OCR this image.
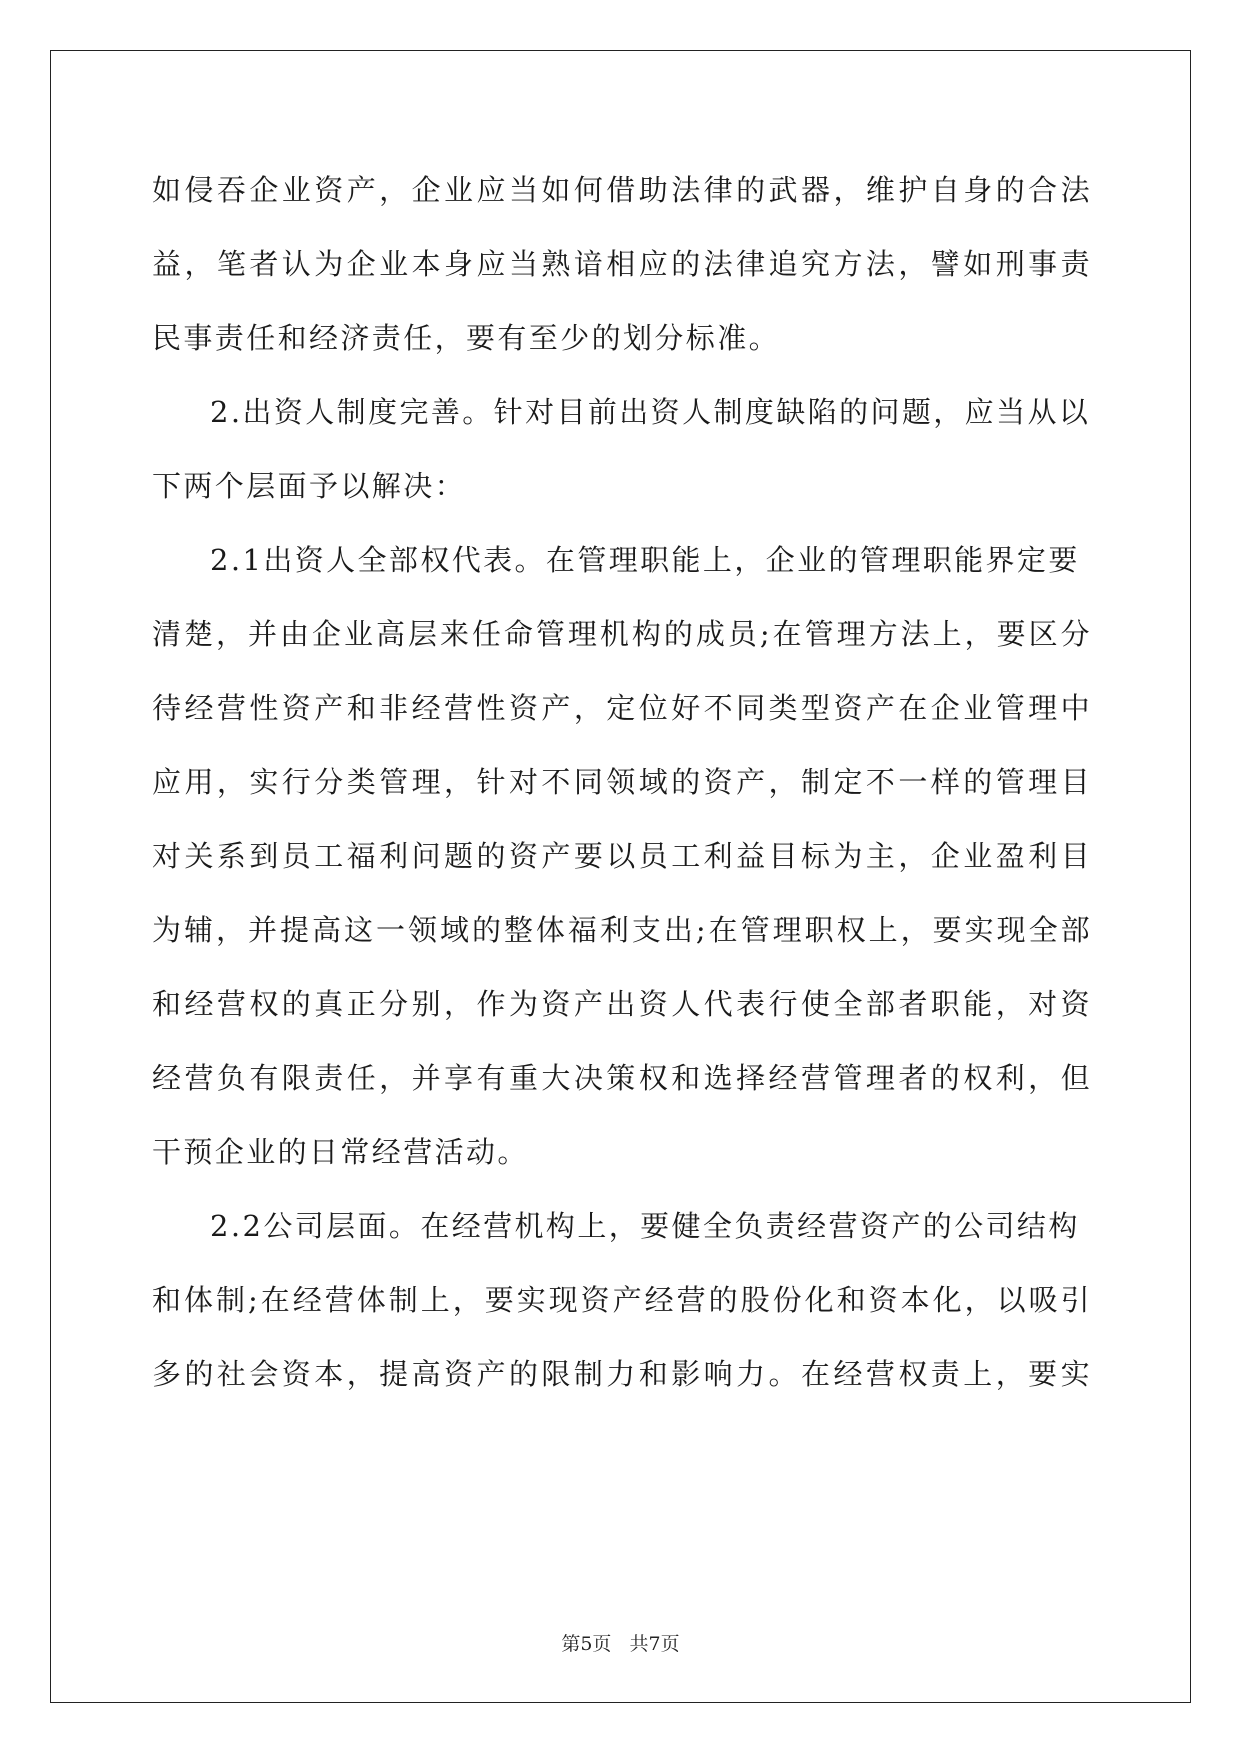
如侵吞企业资产，企业应当如何借助法律的武器，维护自身的合法
益，笔者认为企业本身应当熟谙相应的法律追究方法，譬如刑事责
民事责任和经济责任，要有至少的划分标准。
2.出资人制度完善。针对目前出资人制度缺陷的问题，应当从以
下两个层面予以解决：
2.1出资人全部权代表。在管理职能上，企业的管理职能界定要
清楚，并由企业高层来任命管理机构的成员;在管理方法上，要区分
待经营性资产和非经营性资产，定位好不同类型资产在企业管理中
应用，实行分类管理，针对不同领域的资产，制定不一样的管理目
对关系到员工福利问题的资产要以员工利益目标为主，企业盈利目
为辅，并提高这一领域的整体福利支出;在管理职权上，要实现全部
和经营权的真正分别，作为资产出资人代表行使全部者职能，对资
经营负有限责任，并享有重大决策权和选择经营管理者的权利，但
干预企业的日常经营活动。
2.2公司层面。在经营机构上，要健全负责经营资产的公司结构
和体制;在经营体制上，要实现资产经营的股份化和资本化，以吸引
多的社会资本，提高资产的限制力和影响力。在经营权责上，要实
第5页   共7页
